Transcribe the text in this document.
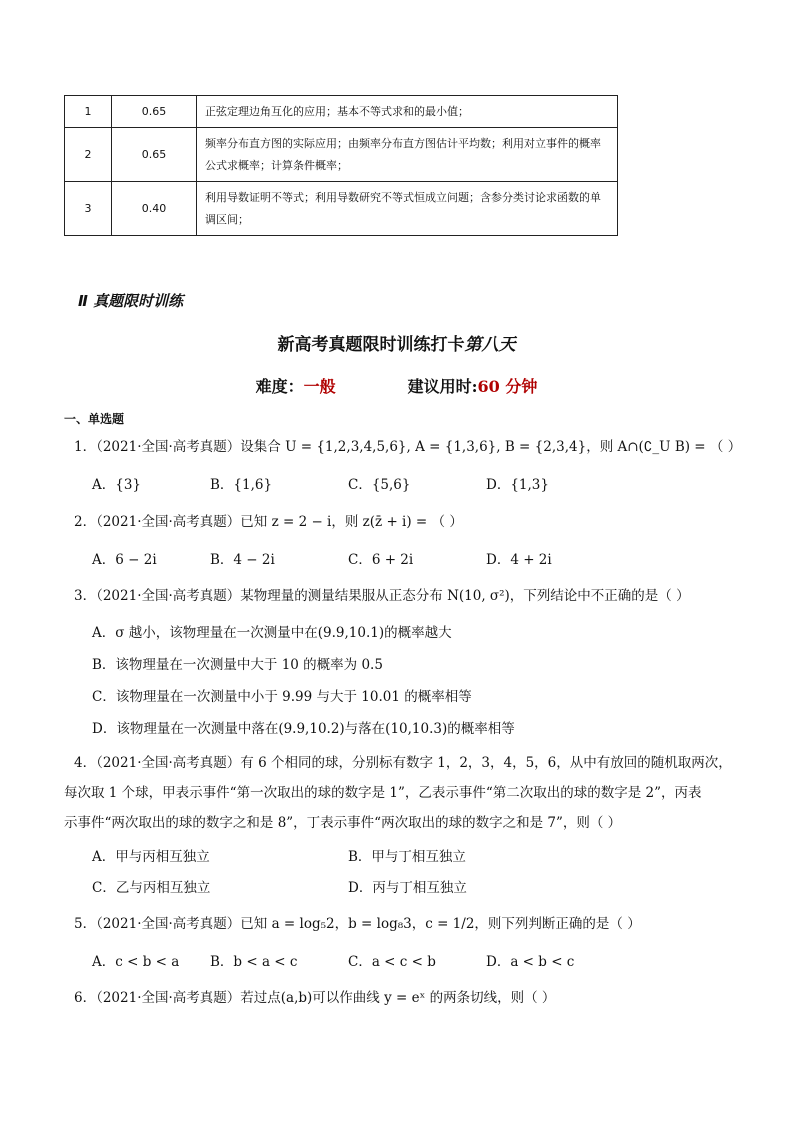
1	0.65	正弦定理边角互化的应用；基本不等式求和的最小值；
2	0.65	频率分布直方图的实际应用；由频率分布直方图估计平均数；利用对立事件的概率公式求概率；计算条件概率；
3	0.40	利用导数证明不等式；利用导数研究不等式恒成立问题；含参分类讨论求函数的单调区间；
Ⅱ 真题限时训练
新高考真题限时训练打卡第八天
难度：一般	建议用时:60 分钟
一、单选题
1．（2021·全国·高考真题）设集合 U = {1,2,3,4,5,6}, A = {1,3,6}, B = {2,3,4}，则 A∩(∁_U B) = （ ）
A．{3}	B．{1,6}	C．{5,6}	D．{1,3}
2．（2021·全国·高考真题）已知 z = 2 − i，则 z(z̄ + i) = （ ）
A．6 − 2i	B．4 − 2i	C．6 + 2i	D．4 + 2i
3．（2021·全国·高考真题）某物理量的测量结果服从正态分布 N(10, σ²)，下列结论中不正确的是（ ）
A．σ 越小，该物理量在一次测量中在(9.9,10.1)的概率越大
B．该物理量在一次测量中大于 10 的概率为 0.5
C．该物理量在一次测量中小于 9.99 与大于 10.01 的概率相等
D．该物理量在一次测量中落在(9.9,10.2)与落在(10,10.3)的概率相等
4．（2021·全国·高考真题）有 6 个相同的球，分别标有数字 1，2，3，4，5，6，从中有放回的随机取两次，
每次取 1 个球，甲表示事件“第一次取出的球的数字是 1”，乙表示事件“第二次取出的球的数字是 2”，丙表
示事件“两次取出的球的数字之和是 8”，丁表示事件“两次取出的球的数字之和是 7”，则（ ）
A．甲与丙相互独立	B．甲与丁相互独立
C．乙与丙相互独立	D．丙与丁相互独立
5．（2021·全国·高考真题）已知 a = log₅2，b = log₈3，c = 1/2，则下列判断正确的是（ ）
A．c < b < a B．b < a < c	C．a < c < b	D．a < b < c
6．（2021·全国·高考真题）若过点(a,b)可以作曲线 y = eˣ 的两条切线，则（ ）
